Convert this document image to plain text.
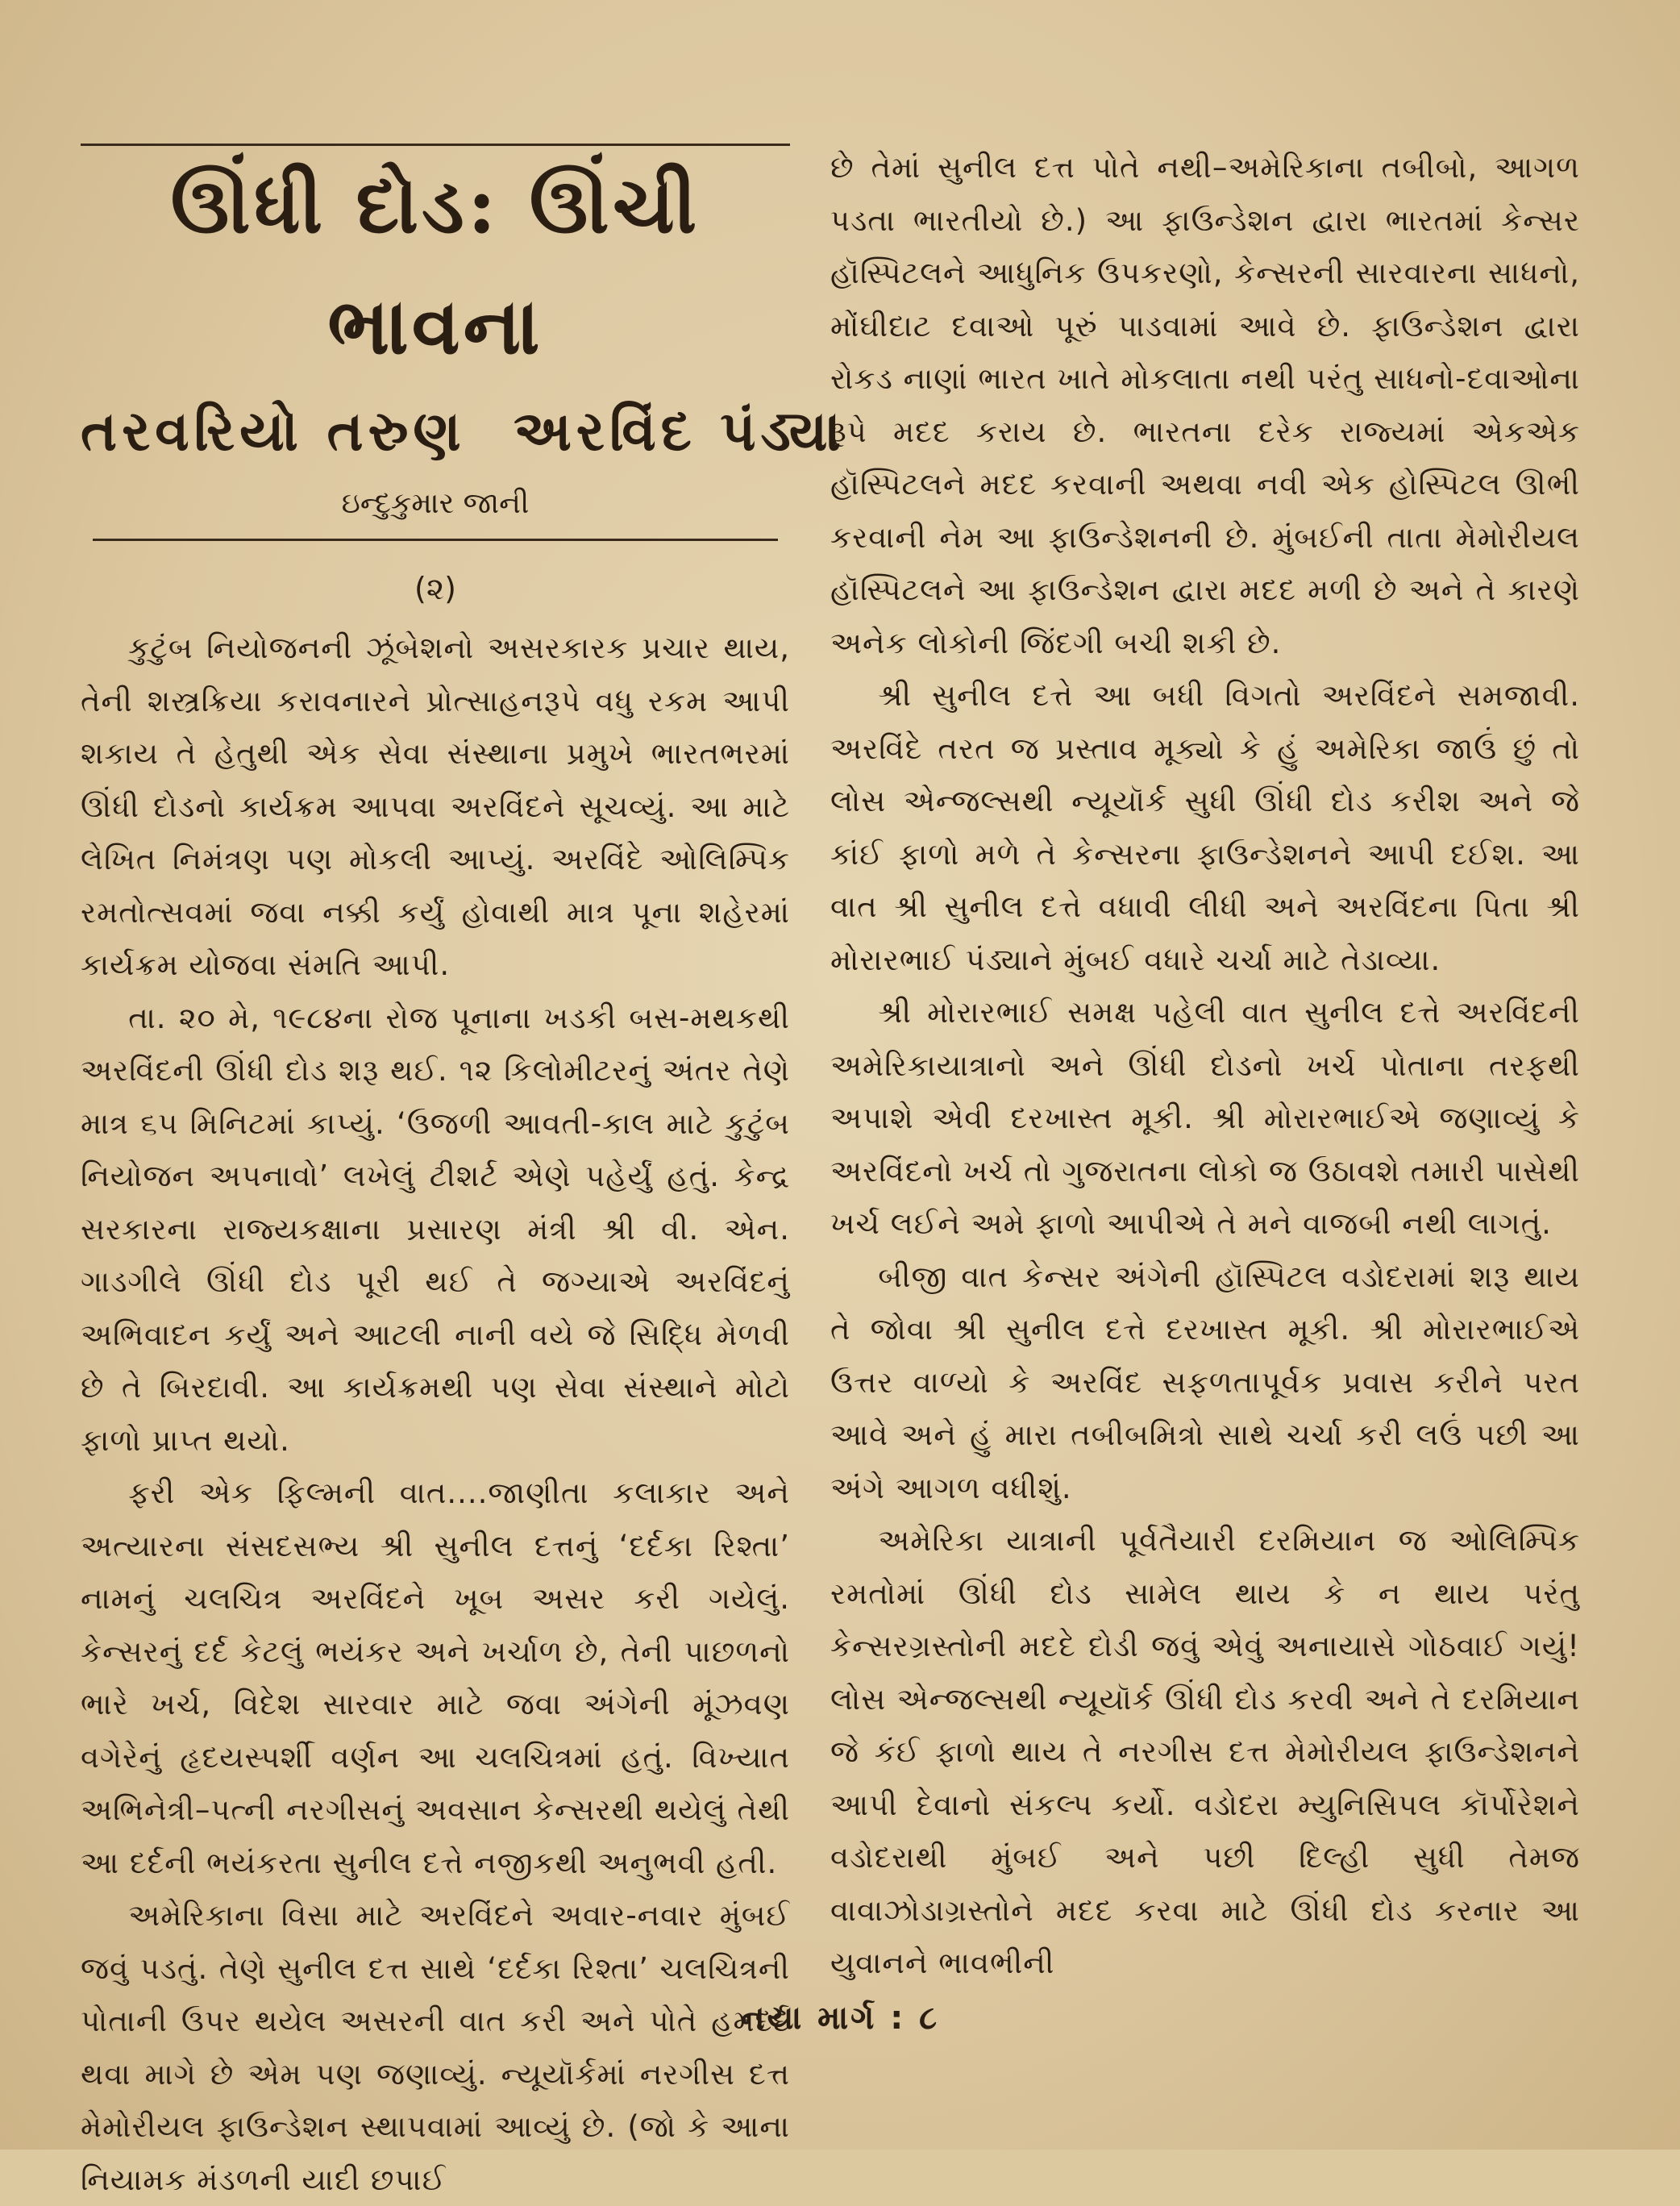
ઊંધી દોડ: ઊંચી ભાવના
તરવરિયો તરુણ  અરવિંદ પંડ્યા
ઇન્દુકુમાર જાની
(૨)

કુટુંબ નિયોજનની ઝૂંબેશનો અસરકારક પ્રચાર થાય, તેની શસ્ત્રક્રિયા કરાવનારને પ્રોત્સાહનરૂપે વધુ રકમ આપી શકાય તે હેતુથી એક સેવા સંસ્થાના પ્રમુખે ભારતભરમાં ઊંધી દોડનો કાર્યક્રમ આપવા અરવિંદને સૂચવ્યું. આ માટે લેખિત નિમંત્રણ પણ મોકલી આપ્યું. અરવિંદે ઓલિમ્પિક રમતોત્સવમાં જવા નક્કી કર્યું હોવાથી માત્ર પૂના શહેરમાં કાર્યક્રમ યોજવા સંમતિ આપી.

તા. ૨૦ મે, ૧૯૮૪ના રોજ પૂનાના ખડકી બસ-મથકથી અરવિંદની ઊંધી દોડ શરૂ થઈ. ૧૨ કિલોમીટરનું અંતર તેણે માત્ર ૬૫ મિનિટમાં કાપ્યું. ‘ઉજળી આવતી-કાલ માટે કુટુંબ નિયોજન અપનાવો’ લખેલું ટીશર્ટ એણે પહેર્યું હતું. કેન્દ્ર સરકારના રાજ્યકક્ષાના પ્રસારણ મંત્રી શ્રી વી. એન. ગાડગીલે ઊંધી દોડ પૂરી થઈ તે જગ્યાએ અરવિંદનું અભિવાદન કર્યું અને આટલી નાની વયે જે સિદ્ધિ મેળવી છે તે બિરદાવી. આ કાર્યક્રમથી પણ સેવા સંસ્થાને મોટો ફાળો પ્રાપ્ત થયો.

ફરી એક ફિલ્મની વાત....જાણીતા કલાકાર અને અત્યારના સંસદસભ્ય શ્રી સુનીલ દત્તનું ‘દર્દકા રિશ્તા’ નામનું ચલચિત્ર અરવિંદને ખૂબ અસર કરી ગયેલું. કેન્સરનું દર્દ કેટલું ભયંકર અને ખર્ચાળ છે, તેની પાછળનો ભારે ખર્ચ, વિદેશ સારવાર માટે જવા અંગેની મૂંઝવણ વગેરેનું હૃદયસ્પર્શી વર્ણન આ ચલચિત્રમાં હતું. વિખ્યાત અભિનેત્રી–પત્ની નરગીસનું અવસાન કેન્સરથી થયેલું તેથી આ દર્દની ભયંકરતા સુનીલ દત્તે નજીકથી અનુભવી હતી.

અમેરિકાના વિસા માટે અરવિંદને અવાર-નવાર મુંબઈ જવું પડતું. તેણે સુનીલ દત્ત સાથે ‘દર્દકા રિશ્તા’ ચલચિત્રની પોતાની ઉપર થયેલ અસરની વાત કરી અને પોતે હમદર્દ થવા માગે છે એમ પણ જણાવ્યું. ન્યૂયૉર્કમાં નરગીસ દત્ત મેમોરીયલ ફાઉન્ડેશન સ્થાપવામાં આવ્યું છે. (જો કે આના નિયામક મંડળની યાદી છપાઈ

છે તેમાં સુનીલ દત્ત પોતે નથી–અમેરિકાના તબીબો, આગળ પડતા ભારતીયો છે.) આ ફાઉન્ડેશન દ્વારા ભારતમાં કેન્સર હૉસ્પિટલને આધુનિક ઉપકરણો, કેન્સરની સારવારના સાધનો, મોંઘીદાટ દવાઓ પૂરું પાડવામાં આવે છે. ફાઉન્ડેશન દ્વારા રોકડ નાણાં ભારત ખાતે મોકલાતા નથી પરંતુ સાધનો-દવાઓના રૂપે મદદ કરાય છે. ભારતના દરેક રાજ્યમાં એકએક હૉસ્પિટલને મદદ કરવાની અથવા નવી એક હોસ્પિટલ ઊભી કરવાની નેમ આ ફાઉન્ડેશનની છે. મુંબઈની તાતા મેમોરીયલ હૉસ્પિટલને આ ફાઉન્ડેશન દ્વારા મદદ મળી છે અને તે કારણે અનેક લોકોની જિંદગી બચી શકી છે.

શ્રી સુનીલ દત્તે આ બધી વિગતો અરવિંદને સમજાવી. અરવિંદે તરત જ પ્રસ્તાવ મૂક્યો કે હું અમેરિકા જાઉં છું તો લોસ એન્જલ્સથી ન્યૂયૉર્ક સુધી ઊંધી દોડ કરીશ અને જે કાંઈ ફાળો મળે તે કેન્સરના ફાઉન્ડેશનને આપી દઈશ. આ વાત શ્રી સુનીલ દત્તે વધાવી લીધી અને અરવિંદના પિતા શ્રી મોરારભાઈ પંડ્યાને મુંબઈ વધારે ચર્ચા માટે તેડાવ્યા.

શ્રી મોરારભાઈ સમક્ષ પહેલી વાત સુનીલ દત્તે અરવિંદની અમેરિકાયાત્રાનો અને ઊંધી દોડનો ખર્ચ પોતાના તરફથી અપાશે એવી દરખાસ્ત મૂકી. શ્રી મોરારભાઈએ જણાવ્યું કે અરવિંદનો ખર્ચ તો ગુજરાતના લોકો જ ઉઠાવશે તમારી પાસેથી ખર્ચ લઈને અમે ફાળો આપીએ તે મને વાજબી નથી લાગતું.

બીજી વાત કેન્સર અંગેની હૉસ્પિટલ વડોદરામાં શરૂ થાય તે જોવા શ્રી સુનીલ દત્તે દરખાસ્ત મૂકી. શ્રી મોરારભાઈએ ઉત્તર વાળ્યો કે અરવિંદ સફળતાપૂર્વક પ્રવાસ કરીને પરત આવે અને હું મારા તબીબમિત્રો સાથે ચર્ચા કરી લઉં પછી આ અંગે આગળ વધીશું.

અમેરિકા યાત્રાની પૂર્વતૈયારી દરમિયાન જ ઓલિમ્પિક રમતોમાં ઊંધી દોડ સામેલ થાય કે ન થાય પરંતુ કેન્સરગ્રસ્તોની મદદે દોડી જવું એવું અનાયાસે ગોઠવાઈ ગયું! લોસ એન્જલ્સથી ન્યૂયૉર્ક ઊંધી દોડ કરવી અને તે દરમિયાન જે કંઈ ફાળો થાય તે નરગીસ દત્ત મેમોરીયલ ફાઉન્ડેશનને આપી દેવાનો સંકલ્પ કર્યો. વડોદરા મ્યુનિસિપલ કૉર્પોરેશને વડોદરાથી મુંબઈ અને પછી દિલ્હી સુધી તેમજ વાવાઝોડાગ્રસ્તોને મદદ કરવા માટે ઊંધી દોડ કરનાર આ યુવાનને ભાવભીની

નયા માર્ગ : ૮
